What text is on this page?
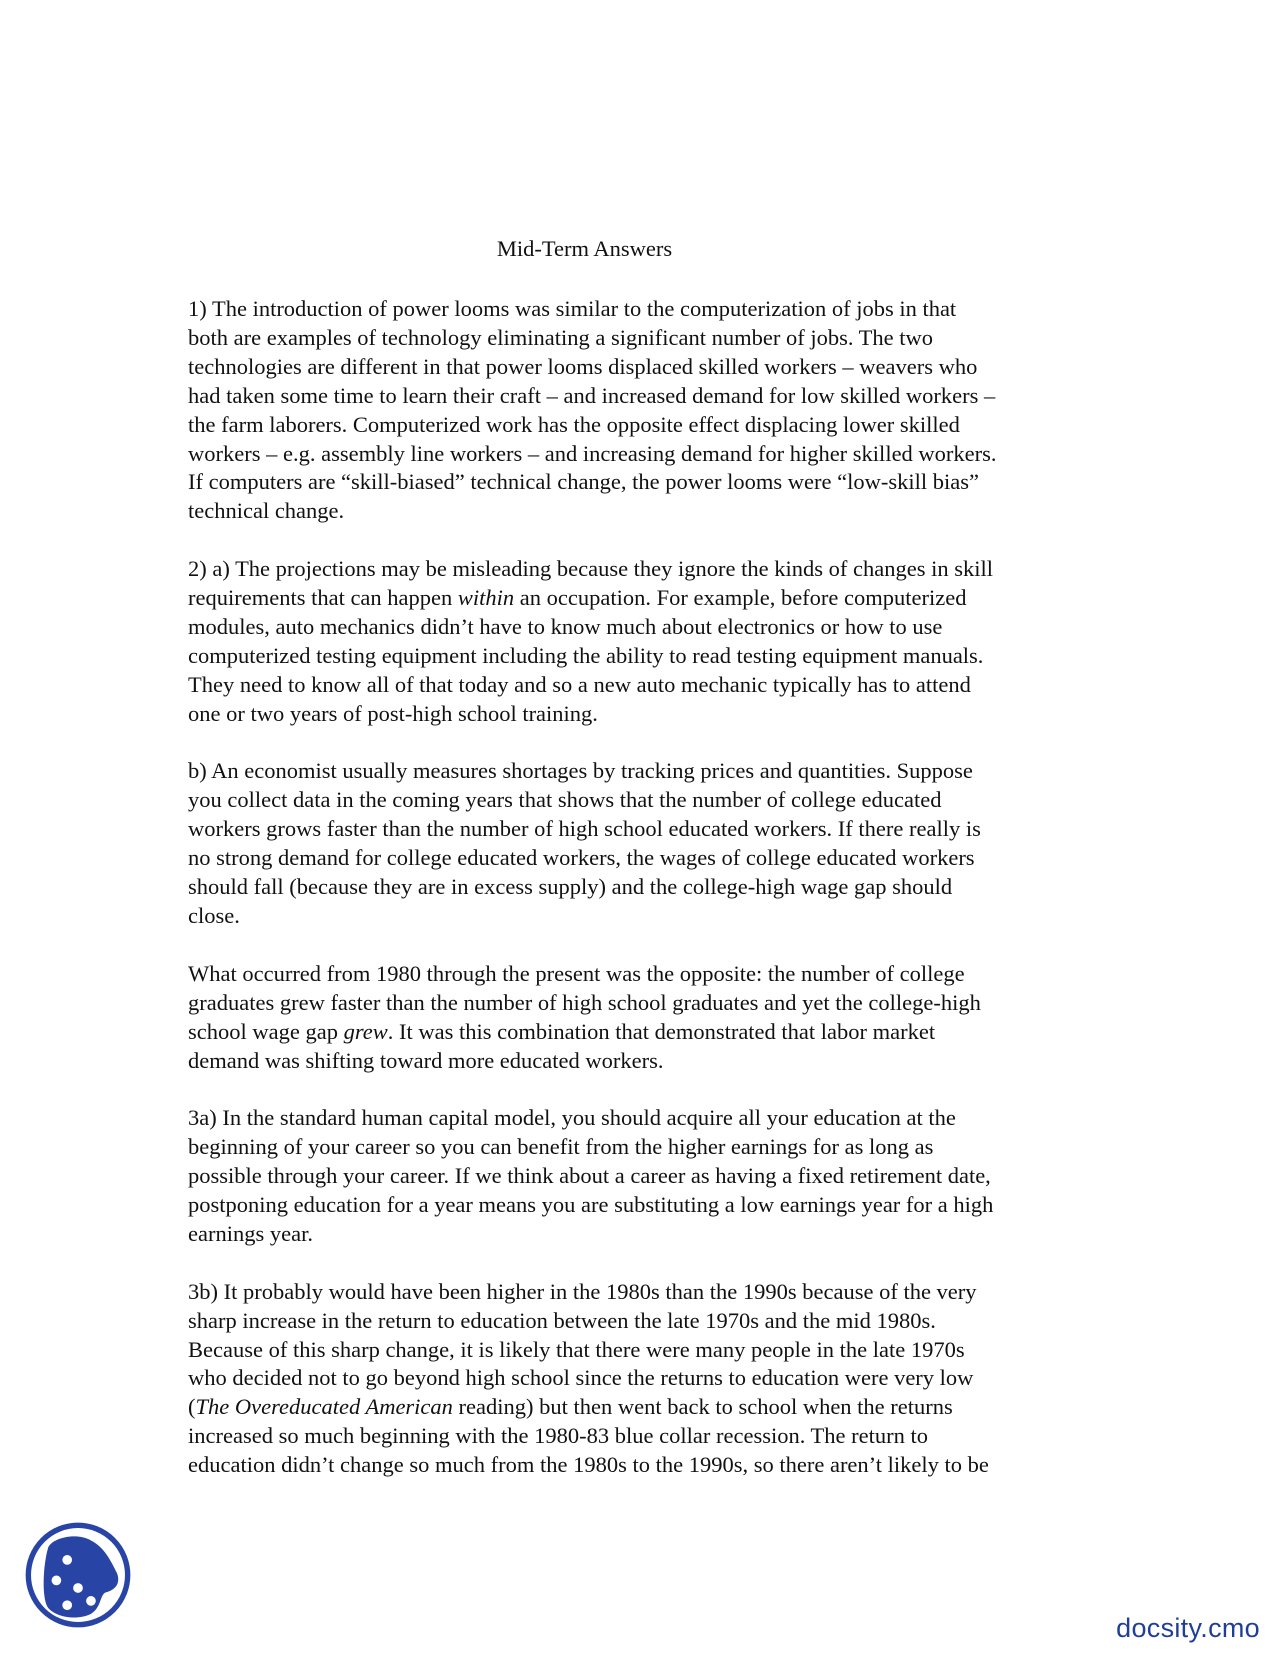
Mid-Term Answers
1) The introduction of power looms was similar to the computerization of jobs in that
both are examples of technology eliminating a significant number of jobs. The two
technologies are different in that power looms displaced skilled workers – weavers who
had taken some time to learn their craft – and increased demand for low skilled workers –
the farm laborers. Computerized work has the opposite effect displacing lower skilled
workers – e.g. assembly line workers – and increasing demand for higher skilled workers.
If computers are “skill-biased” technical change, the power looms were “low-skill bias”
technical change.
2) a) The projections may be misleading because they ignore the kinds of changes in skill
requirements that can happen within an occupation. For example, before computerized
modules, auto mechanics didn’t have to know much about electronics or how to use
computerized testing equipment including the ability to read testing equipment manuals.
They need to know all of that today and so a new auto mechanic typically has to attend
one or two years of post-high school training.
b) An economist usually measures shortages by tracking prices and quantities. Suppose
you collect data in the coming years that shows that the number of college educated
workers grows faster than the number of high school educated workers. If there really is
no strong demand for college educated workers, the wages of college educated workers
should fall (because they are in excess supply) and the college-high wage gap should
close.
What occurred from 1980 through the present was the opposite: the number of college
graduates grew faster than the number of high school graduates and yet the college-high
school wage gap grew. It was this combination that demonstrated that labor market
demand was shifting toward more educated workers.
3a) In the standard human capital model, you should acquire all your education at the
beginning of your career so you can benefit from the higher earnings for as long as
possible through your career. If we think about a career as having a fixed retirement date,
postponing education for a year means you are substituting a low earnings year for a high
earnings year.
3b) It probably would have been higher in the 1980s than the 1990s because of the very
sharp increase in the return to education between the late 1970s and the mid 1980s.
Because of this sharp change, it is likely that there were many people in the late 1970s
who decided not to go beyond high school since the returns to education were very low
(The Overeducated American reading) but then went back to school when the returns
increased so much beginning with the 1980-83 blue collar recession. The return to
education didn’t change so much from the 1980s to the 1990s, so there aren’t likely to be
docsity.cmo
